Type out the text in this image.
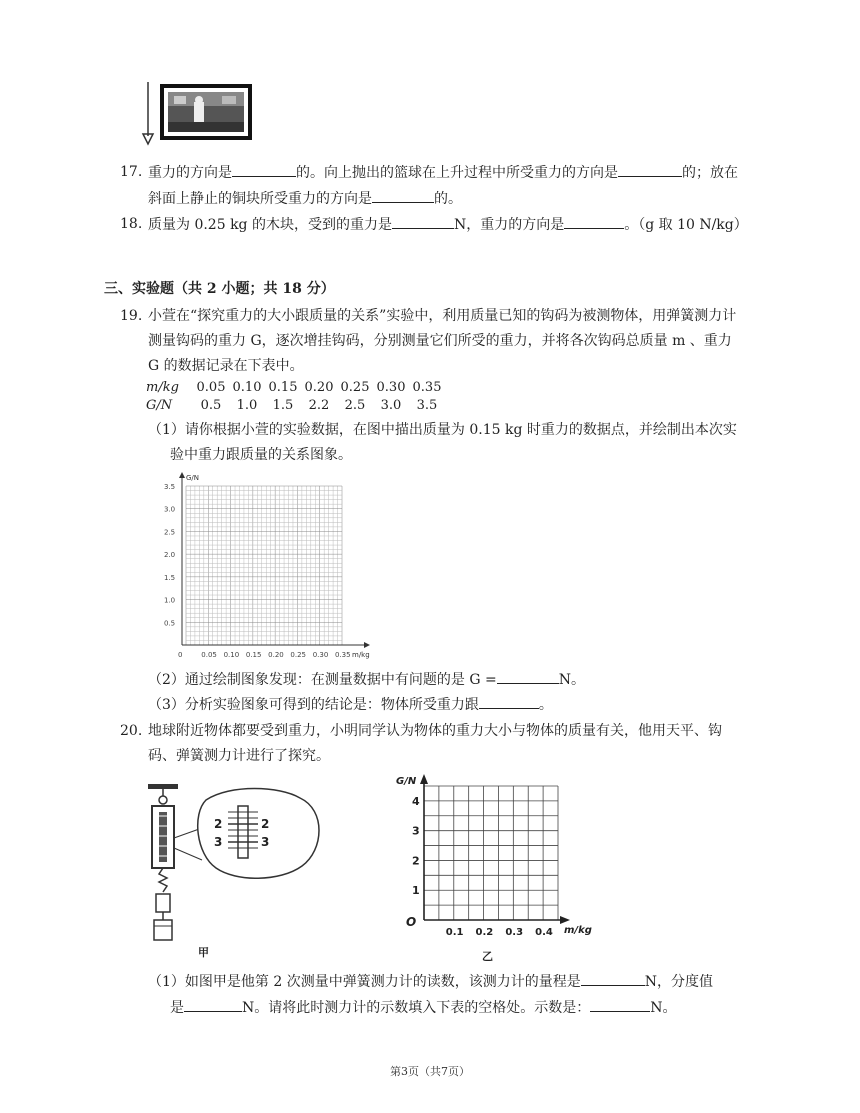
17. 重力的方向是	的。向上抛出的篮球在上升过程中所受重力的方向是	的；放在
斜面上静止的铜块所受重力的方向是	的。
18. 质量为 0.25 kg 的木块，受到的重力是	N，重力的方向是	。（g 取 10 N/kg）
三、实验题（共 2 小题；共 18 分）
19. 小萱在“探究重力的大小跟质量的关系”实验中，利用质量已知的钩码为被测物体，用弹簧测力计
测量钩码的重力 G，逐次增挂钩码，分别测量它们所受的重力，并将各次钩码总质量 m 、重力
G 的数据记录在下表中。
m/kg	0.05	0.10	0.15	0.20	0.25	0.30	0.35
G/N	0.5	1.0	1.5	2.2	2.5	3.0	3.5
（1）请你根据小萱的实验数据，在图中描出质量为 0.15 kg 时重力的数据点，并绘制出本次实
验中重力跟质量的关系图象。
G/N
m/kg
3.5
3.0
2.5
2.0
1.5
1.0
0.5
0	0.05 0.10 0.15 0.20 0.25 0.30 0.35
（2）通过绘制图象发现：在测量数据中有问题的是 G =	N。
（3）分析实验图象可得到的结论是：物体所受重力跟	。
20. 地球附近物体都要受到重力，小明同学认为物体的重力大小与物体的质量有关，他用天平、钩
码、弹簧测力计进行了探究。
2	2
3	3
甲
G/N
m/kg
O
4
3
2
1
0.1 0.2 0.3 0.4
乙
（1）如图甲是他第 2 次测量中弹簧测力计的读数，该测力计的量程是	N，分度值
是	N。请将此时测力计的示数填入下表的空格处。示数是：	N。
第3页（共7页）
